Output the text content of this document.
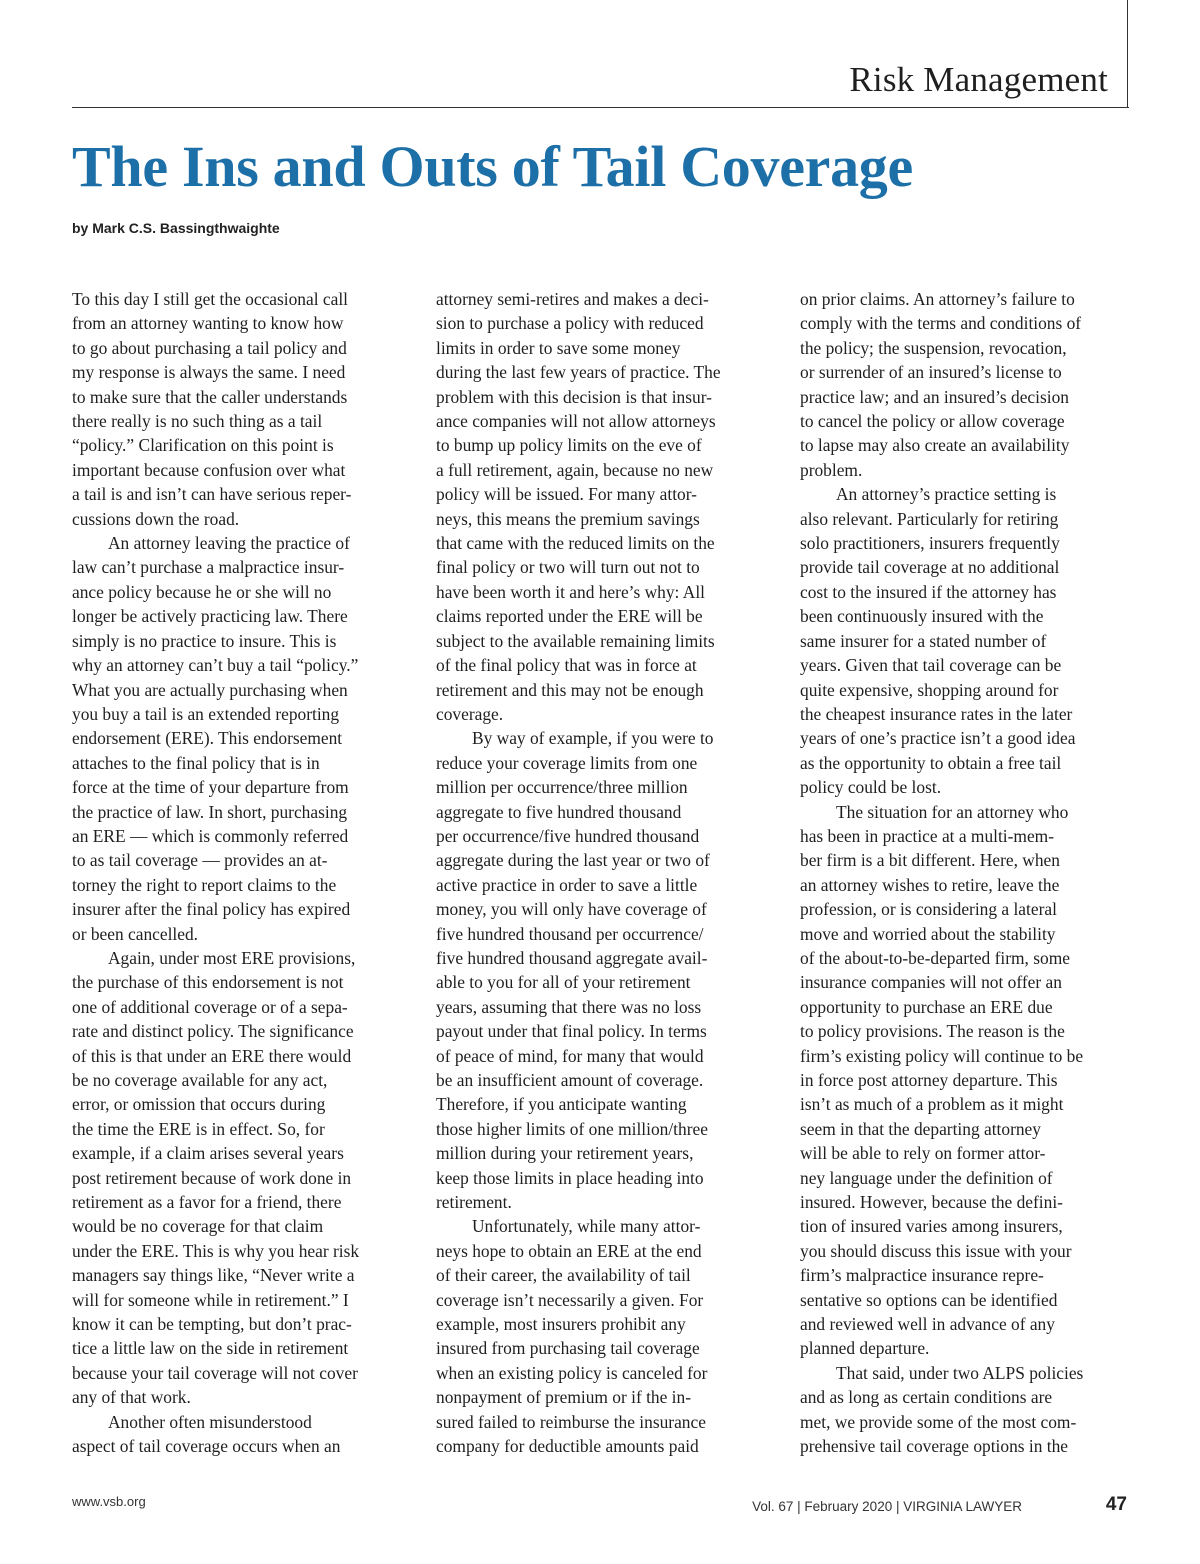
Risk Management
The Ins and Outs of Tail Coverage
by Mark C.S. Bassingthwaighte

To this day I still get the occasional call
from an attorney wanting to know how
to go about purchasing a tail policy and
my response is always the same. I need
to make sure that the caller understands
there really is no such thing as a tail
“policy.” Clarification on this point is
important because confusion over what
a tail is and isn’t can have serious reper-
cussions down the road.

An attorney leaving the practice of
law can’t purchase a malpractice insur-
ance policy because he or she will no
longer be actively practicing law. There
simply is no practice to insure. This is
why an attorney can’t buy a tail “policy.”
What you are actually purchasing when
you buy a tail is an extended reporting
endorsement (ERE). This endorsement
attaches to the final policy that is in
force at the time of your departure from
the practice of law. In short, purchasing
an ERE — which is commonly referred
to as tail coverage — provides an at-
torney the right to report claims to the
insurer after the final policy has expired
or been cancelled.

Again, under most ERE provisions,
the purchase of this endorsement is not
one of additional coverage or of a sepa-
rate and distinct policy. The significance
of this is that under an ERE there would
be no coverage available for any act,
error, or omission that occurs during
the time the ERE is in effect. So, for
example, if a claim arises several years
post retirement because of work done in
retirement as a favor for a friend, there
would be no coverage for that claim
under the ERE. This is why you hear risk
managers say things like, “Never write a
will for someone while in retirement.” I
know it can be tempting, but don’t prac-
tice a little law on the side in retirement
because your tail coverage will not cover
any of that work.

Another often misunderstood
aspect of tail coverage occurs when an

attorney semi-retires and makes a deci-
sion to purchase a policy with reduced
limits in order to save some money
during the last few years of practice. The
problem with this decision is that insur-
ance companies will not allow attorneys
to bump up policy limits on the eve of
a full retirement, again, because no new
policy will be issued. For many attor-
neys, this means the premium savings
that came with the reduced limits on the
final policy or two will turn out not to
have been worth it and here’s why: All
claims reported under the ERE will be
subject to the available remaining limits
of the final policy that was in force at
retirement and this may not be enough
coverage.

By way of example, if you were to
reduce your coverage limits from one
million per occurrence/three million
aggregate to five hundred thousand
per occurrence/five hundred thousand
aggregate during the last year or two of
active practice in order to save a little
money, you will only have coverage of
five hundred thousand per occurrence/
five hundred thousand aggregate avail-
able to you for all of your retirement
years, assuming that there was no loss
payout under that final policy. In terms
of peace of mind, for many that would
be an insufficient amount of coverage.
Therefore, if you anticipate wanting
those higher limits of one million/three
million during your retirement years,
keep those limits in place heading into
retirement.

Unfortunately, while many attor-
neys hope to obtain an ERE at the end
of their career, the availability of tail
coverage isn’t necessarily a given. For
example, most insurers prohibit any
insured from purchasing tail coverage
when an existing policy is canceled for
nonpayment of premium or if the in-
sured failed to reimburse the insurance
company for deductible amounts paid

on prior claims. An attorney’s failure to
comply with the terms and conditions of
the policy; the suspension, revocation,
or surrender of an insured’s license to
practice law; and an insured’s decision
to cancel the policy or allow coverage
to lapse may also create an availability
problem.

An attorney’s practice setting is
also relevant. Particularly for retiring
solo practitioners, insurers frequently
provide tail coverage at no additional
cost to the insured if the attorney has
been continuously insured with the
same insurer for a stated number of
years. Given that tail coverage can be
quite expensive, shopping around for
the cheapest insurance rates in the later
years of one’s practice isn’t a good idea
as the opportunity to obtain a free tail
policy could be lost.

The situation for an attorney who
has been in practice at a multi-mem-
ber firm is a bit different. Here, when
an attorney wishes to retire, leave the
profession, or is considering a lateral
move and worried about the stability
of the about-to-be-departed firm, some
insurance companies will not offer an
opportunity to purchase an ERE due
to policy provisions. The reason is the
firm’s existing policy will continue to be
in force post attorney departure. This
isn’t as much of a problem as it might
seem in that the departing attorney
will be able to rely on former attor-
ney language under the definition of
insured. However, because the defini-
tion of insured varies among insurers,
you should discuss this issue with your
firm’s malpractice insurance repre-
sentative so options can be identified
and reviewed well in advance of any
planned departure.

That said, under two ALPS policies
and as long as certain conditions are
met, we provide some of the most com-
prehensive tail coverage options in the

www.vsb.org	Vol. 67 | February 2020 | VIRGINIA LAWYER	47
